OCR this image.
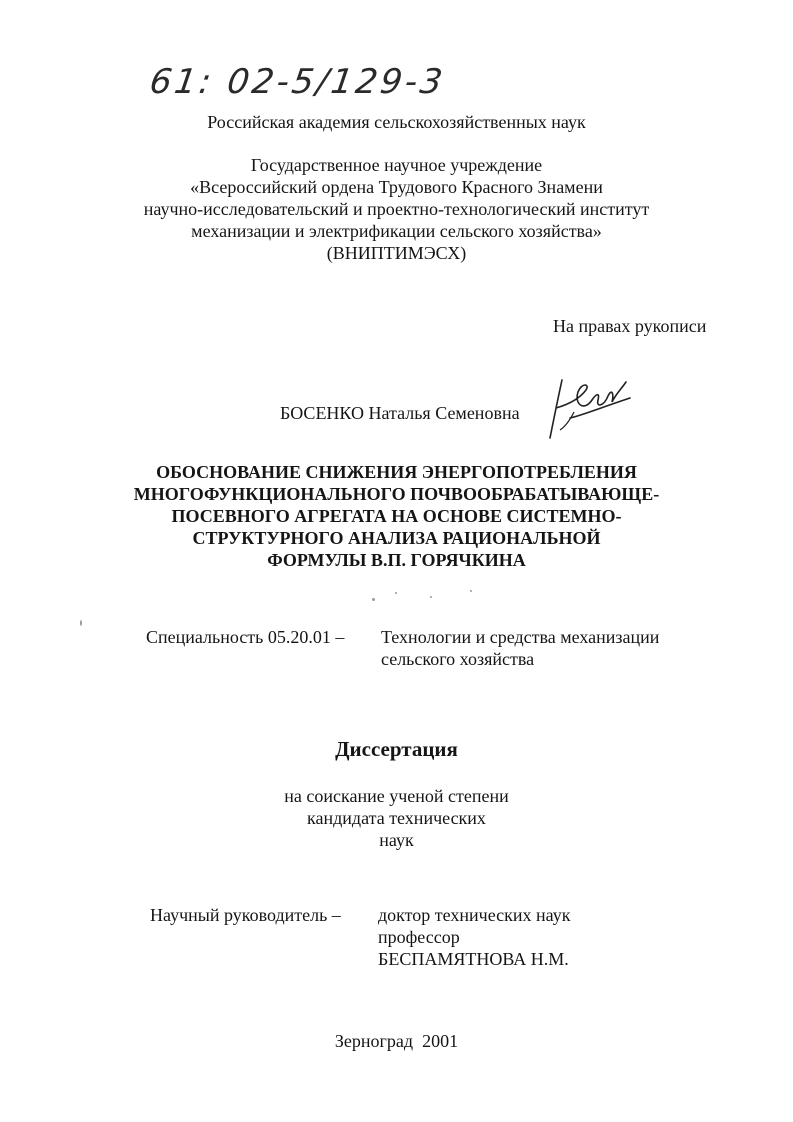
61: 02-5/129-3
Российская академия сельскохозяйственных наук
Государственное научное учреждение
«Всероссийский ордена Трудового Красного Знамени
научно-исследовательский и проектно-технологический институт
механизации и электрификации сельского хозяйства»
(ВНИПТИМЭСХ)
На правах рукописи
БОСЕНКО Наталья Семеновна
ОБОСНОВАНИЕ СНИЖЕНИЯ ЭНЕРГОПОТРЕБЛЕНИЯ
МНОГОФУНКЦИОНАЛЬНОГО ПОЧВООБРАБАТЫВАЮЩЕ-
ПОСЕВНОГО АГРЕГАТА НА ОСНОВЕ СИСТЕМНО-
СТРУКТУРНОГО АНАЛИЗА РАЦИОНАЛЬНОЙ
ФОРМУЛЫ В.П. ГОРЯЧКИНА
Специальность 05.20.01 – Технологии и средства механизации
сельского хозяйства
Диссертация
на соискание ученой степени
кандидата технических
наук
Научный руководитель – доктор технических наук
профессор
БЕСПАМЯТНОВА Н.М.
Зерноград  2001
